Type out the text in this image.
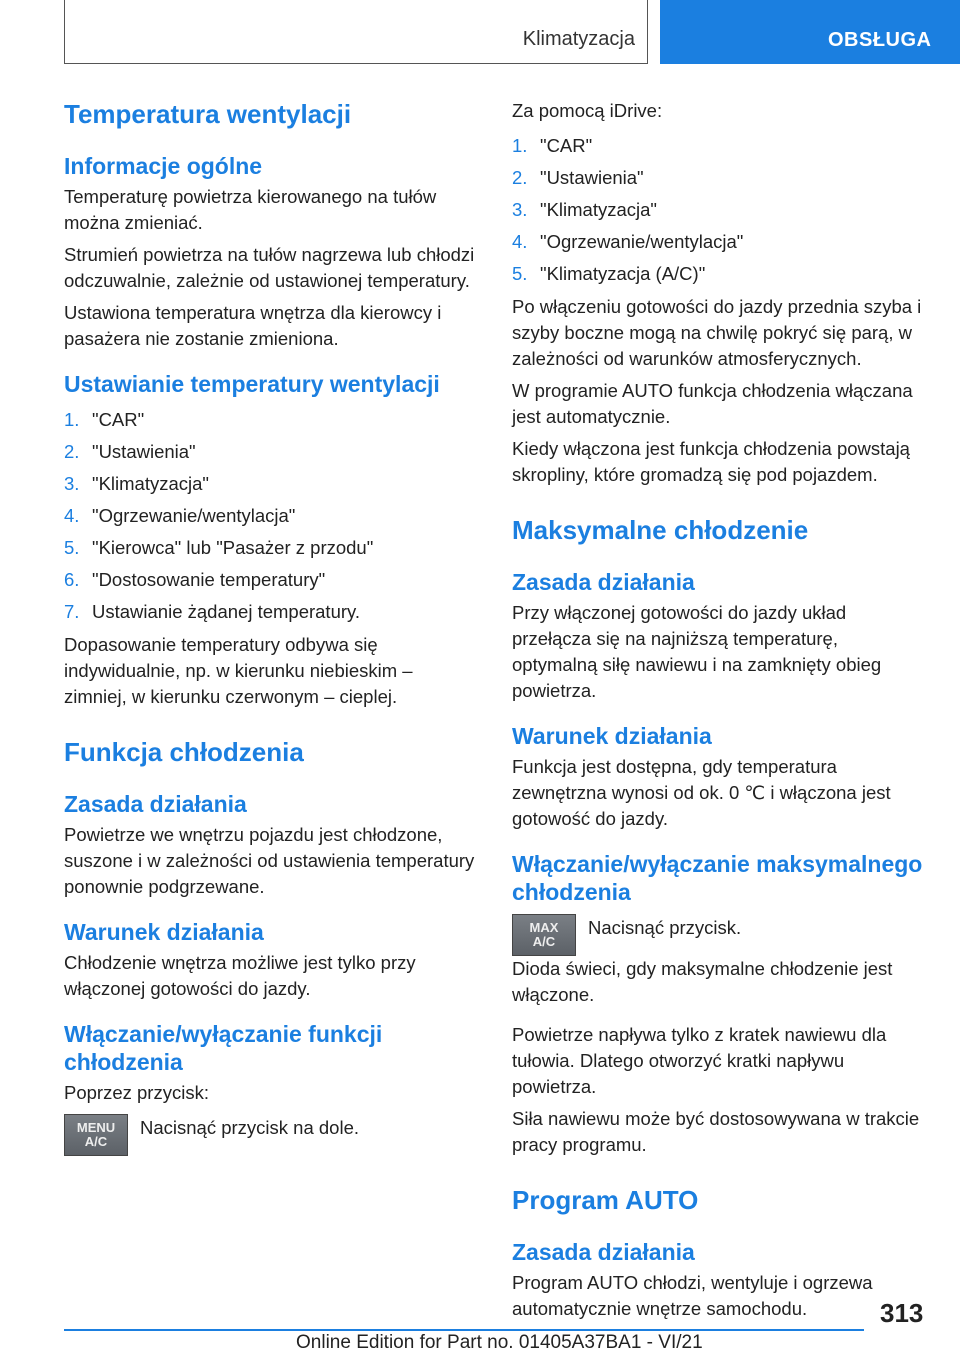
Klimatyzacja	OBSŁUGA
Temperatura wentylacji
Informacje ogólne

Temperaturę powietrza kierowanego na tułów można zmieniać.

Strumień powietrza na tułów nagrzewa lub chłodzi odczuwalnie, zależnie od ustawionej temperatury.

Ustawiona temperatura wnętrza dla kierowcy i pasażera nie zostanie zmieniona.

Ustawianie temperatury wentylacji
1. "CAR"
2. "Ustawienia"
3. "Klimatyzacja"
4. "Ogrzewanie/wentylacja"
5. "Kierowca" lub "Pasażer z przodu"
6. "Dostosowanie temperatury"
7. Ustawianie żądanej temperatury.

Dopasowanie temperatury odbywa się indywidualnie, np. w kierunku niebieskim – zimniej, w kierunku czerwonym – cieplej.

Funkcja chłodzenia
Zasada działania

Powietrze we wnętrzu pojazdu jest chłodzone, suszone i w zależności od ustawienia temperatury ponownie podgrzewane.

Warunek działania

Chłodzenie wnętrza możliwe jest tylko przy włączonej gotowości do jazdy.

Włączanie/wyłączanie funkcji chłodzenia

Poprzez przycisk:

MENU
A/C

Nacisnąć przycisk na dole.

Za pomocą iDrive:

1. "CAR"
2. "Ustawienia"
3. "Klimatyzacja"
4. "Ogrzewanie/wentylacja"
5. "Klimatyzacja (A/C)"

Po włączeniu gotowości do jazdy przednia szyba i szyby boczne mogą na chwilę pokryć się parą, w zależności od warunków atmosferycznych.

W programie AUTO funkcja chłodzenia włączana jest automatycznie.

Kiedy włączona jest funkcja chłodzenia powstają skropliny, które gromadzą się pod pojazdem.

Maksymalne chłodzenie
Zasada działania

Przy włączonej gotowości do jazdy układ przełącza się na najniższą temperaturę, optymalną siłę nawiewu i na zamknięty obieg powietrza.

Warunek działania

Funkcja jest dostępna, gdy temperatura zewnętrzna wynosi od ok. 0 ℃ i włączona jest gotowość do jazdy.

Włączanie/wyłączanie maksymalnego chłodzenia
MAX
A/C

Nacisnąć przycisk.

Dioda świeci, gdy maksymalne chłodzenie jest włączone.

Powietrze napływa tylko z kratek nawiewu dla tułowia. Dlatego otworzyć kratki napływu powietrza.

Siła nawiewu może być dostosowywana w trakcie pracy programu.

Program AUTO
Zasada działania

Program AUTO chłodzi, wentyluje i ogrzewa automatycznie wnętrze samochodu.	313
Online Edition for Part no. 01405A37BA1 - VI/21
